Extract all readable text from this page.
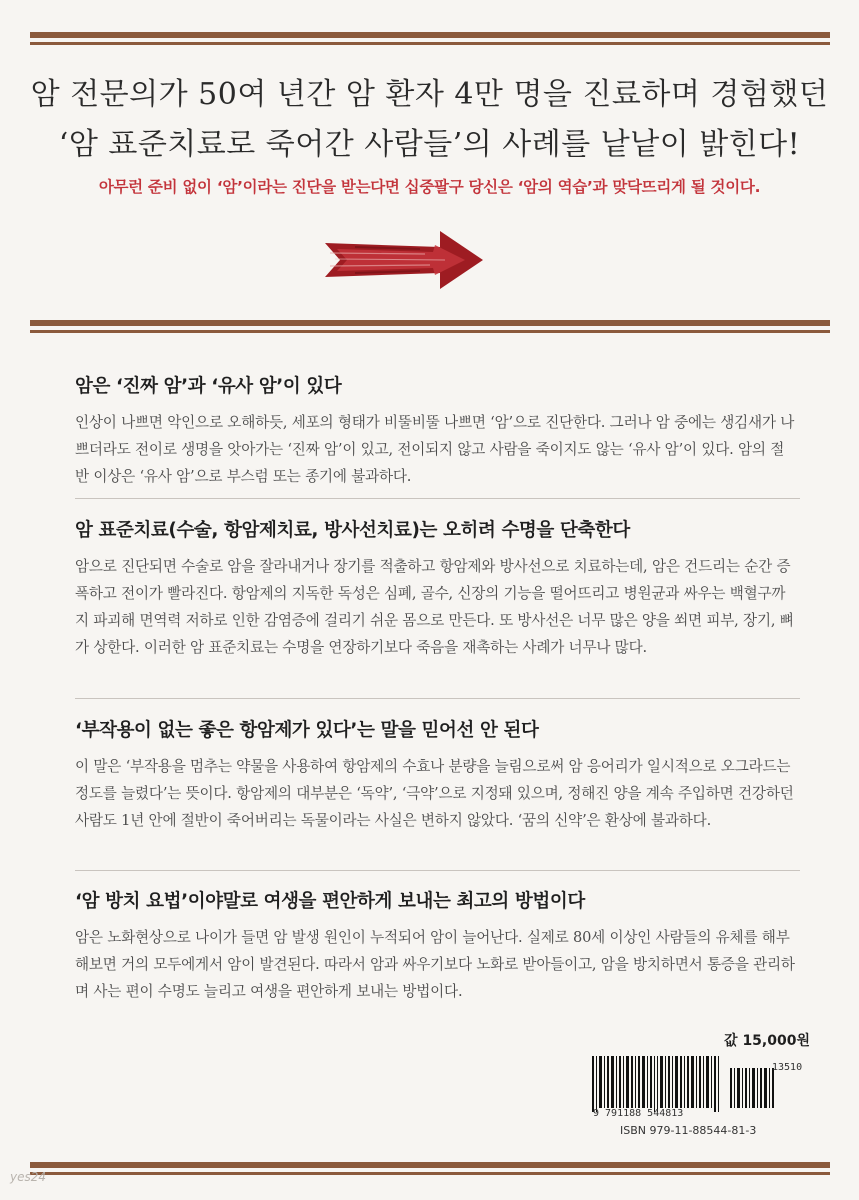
암 전문의가 50여 년간 암 환자 4만 명을 진료하며 경험했던
‘암 표준치료로 죽어간 사람들’의 사례를 낱낱이 밝힌다!
아무런 준비 없이 ‘암’이라는 진단을 받는다면 십중팔구 당신은 ‘암의 역습’과 맞닥뜨리게 될 것이다.
암은 ‘진짜 암’과 ‘유사 암’이 있다

인상이 나쁘면 악인으로 오해하듯, 세포의 형태가 비뚤비뚤 나쁘면 ‘암’으로 진단한다. 그러나 암 중에는 생김새가 나쁘더라도 전이로 생명을 앗아가는 ‘진짜 암’이 있고, 전이되지 않고 사람을 죽이지도 않는 ‘유사 암’이 있다. 암의 절반 이상은 ‘유사 암’으로 부스럼 또는 종기에 불과하다.

암 표준치료(수술, 항암제치료, 방사선치료)는 오히려 수명을 단축한다

암으로 진단되면 수술로 암을 잘라내거나 장기를 적출하고 항암제와 방사선으로 치료하는데, 암은 건드리는 순간 증폭하고 전이가 빨라진다. 항암제의 지독한 독성은 심폐, 골수, 신장의 기능을 떨어뜨리고 병원균과 싸우는 백혈구까지 파괴해 면역력 저하로 인한 감염증에 걸리기 쉬운 몸으로 만든다. 또 방사선은 너무 많은 양을 쐬면 피부, 장기, 뼈가 상한다. 이러한 암 표준치료는 수명을 연장하기보다 죽음을 재촉하는 사례가 너무나 많다.

‘부작용이 없는 좋은 항암제가 있다’는 말을 믿어선 안 된다

이 말은 ‘부작용을 멈추는 약물을 사용하여 항암제의 수효나 분량을 늘림으로써 암 응어리가 일시적으로 오그라드는 정도를 늘렸다’는 뜻이다. 항암제의 대부분은 ‘독약’, ‘극약’으로 지정돼 있으며, 정해진 양을 계속 주입하면 건강하던 사람도 1년 안에 절반이 죽어버리는 독물이라는 사실은 변하지 않았다. ‘꿈의 신약’은 환상에 불과하다.

‘암 방치 요법’이야말로 여생을 편안하게 보내는 최고의 방법이다

암은 노화현상으로 나이가 들면 암 발생 원인이 누적되어 암이 늘어난다. 실제로 80세 이상인 사람들의 유체를 해부해보면 거의 모두에게서 암이 발견된다. 따라서 암과 싸우기보다 노화로 받아들이고, 암을 방치하면서 통증을 관리하며 사는 편이 수명도 늘리고 여생을 편안하게 보내는 방법이다.

값 15,000원
13510
9 791188 544813
ISBN 979-11-88544-81-3
yes24
